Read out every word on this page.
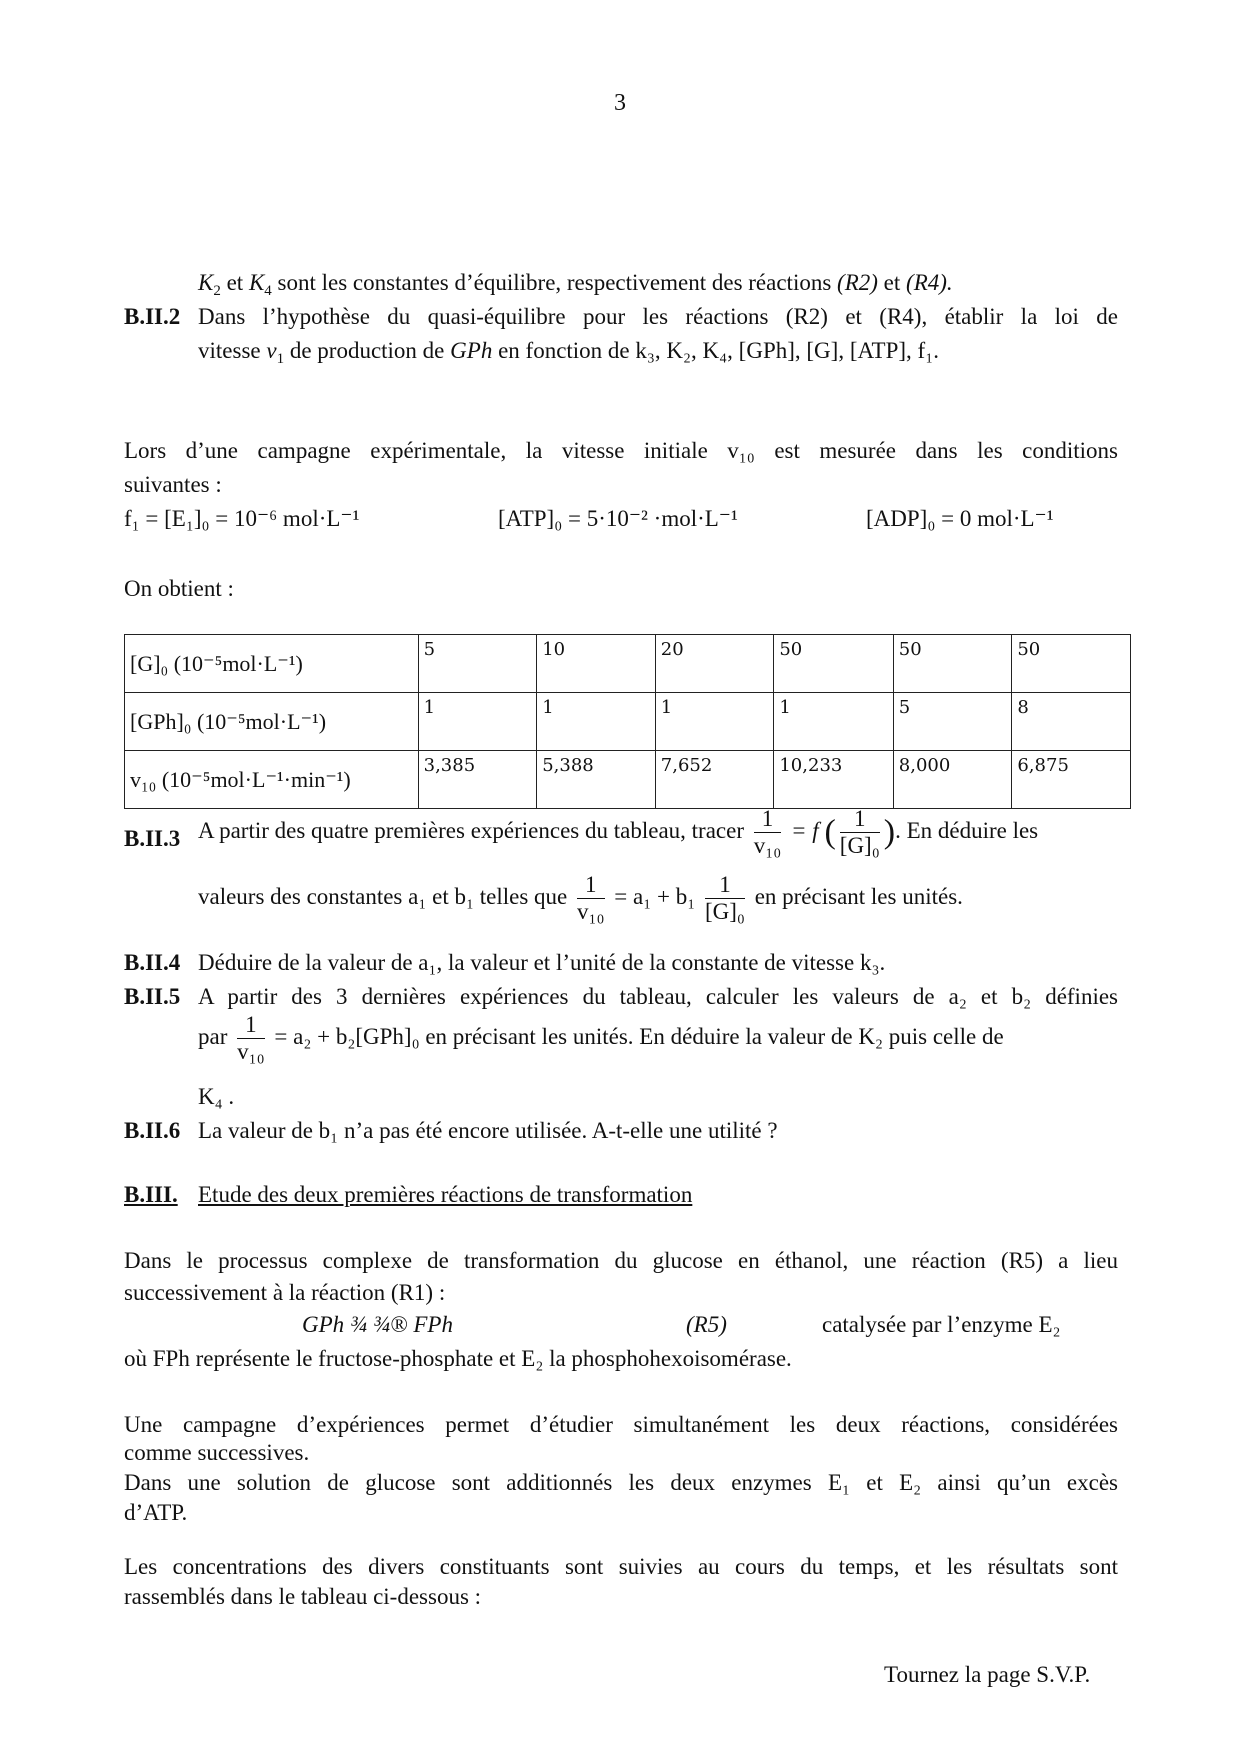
3
$K_2$ et $K_4$ sont les constantes d’équilibre, respectivement des réactions (R2) et (R4).
B.II.2 Dans l’hypothèse du quasi-équilibre pour les réactions (R2) et (R4), établir la loi de
vitesse $v_1$ de production de GPh en fonction de k₃, K₂, K₄, [GPh], [G], [ATP], f₁.
Lors d’une campagne expérimentale, la vitesse initiale v₁₀ est mesurée dans les conditions
suivantes :
f₁ = [E₁]₀ = 10⁻⁶ mol·L⁻¹	[ATP]₀ = 5·10⁻² ·mol·L⁻¹	[ADP]₀ = 0 mol·L⁻¹
On obtient :
[G]₀ (10⁻⁵mol·L⁻¹)	5	10	20	50	50	50
[GPh]₀ (10⁻⁵mol·L⁻¹)	1	1	1	1	5	8
v₁₀ (10⁻⁵mol·L⁻¹·min⁻¹)	3,385	5,388	7,652	10,233	8,000	6,875
B.II.3 A partir des quatre premières expériences du tableau, tracer $\frac{1}{\text{v₁₀}} = f$ ( $\frac{1}{\text{[G]₀}}$ ). En déduire les
valeurs des constantes a₁ et b₁ telles que $\frac{1}{\text{v₁₀}} = a_1 + b_1 \frac{1}{\text{[G]₀}}$ en précisant les unités.
B.II.4 Déduire de la valeur de a₁, la valeur et l’unité de la constante de vitesse k₃.
B.II.5 A partir des 3 dernières expériences du tableau, calculer les valeurs de a₂ et b₂ définies
par $\frac{1}{\text{v₁₀}} = a_2 + b_2[GPh]_0$ en précisant les unités. En déduire la valeur de K₂ puis celle de
K₄ .
B.II.6 La valeur de b₁ n’a pas été encore utilisée. A-t-elle une utilité ?
B.III. Etude des deux premières réactions de transformation
Dans le processus complexe de transformation du glucose en éthanol, une réaction (R5) a lieu
successivement à la réaction (R1) :
GPh ¾ ¾® FPh	(R5)	catalysée par l’enzyme E₂
où FPh représente le fructose-phosphate et E₂ la phosphohexoisomérase.
Une campagne d’expériences permet d’étudier simultanément les deux réactions, considérées
comme successives.
Dans une solution de glucose sont additionnés les deux enzymes E₁ et E₂ ainsi qu’un excès
d’ATP.
Les concentrations des divers constituants sont suivies au cours du temps, et les résultats sont
rassemblés dans le tableau ci-dessous :
Tournez la page S.V.P.
